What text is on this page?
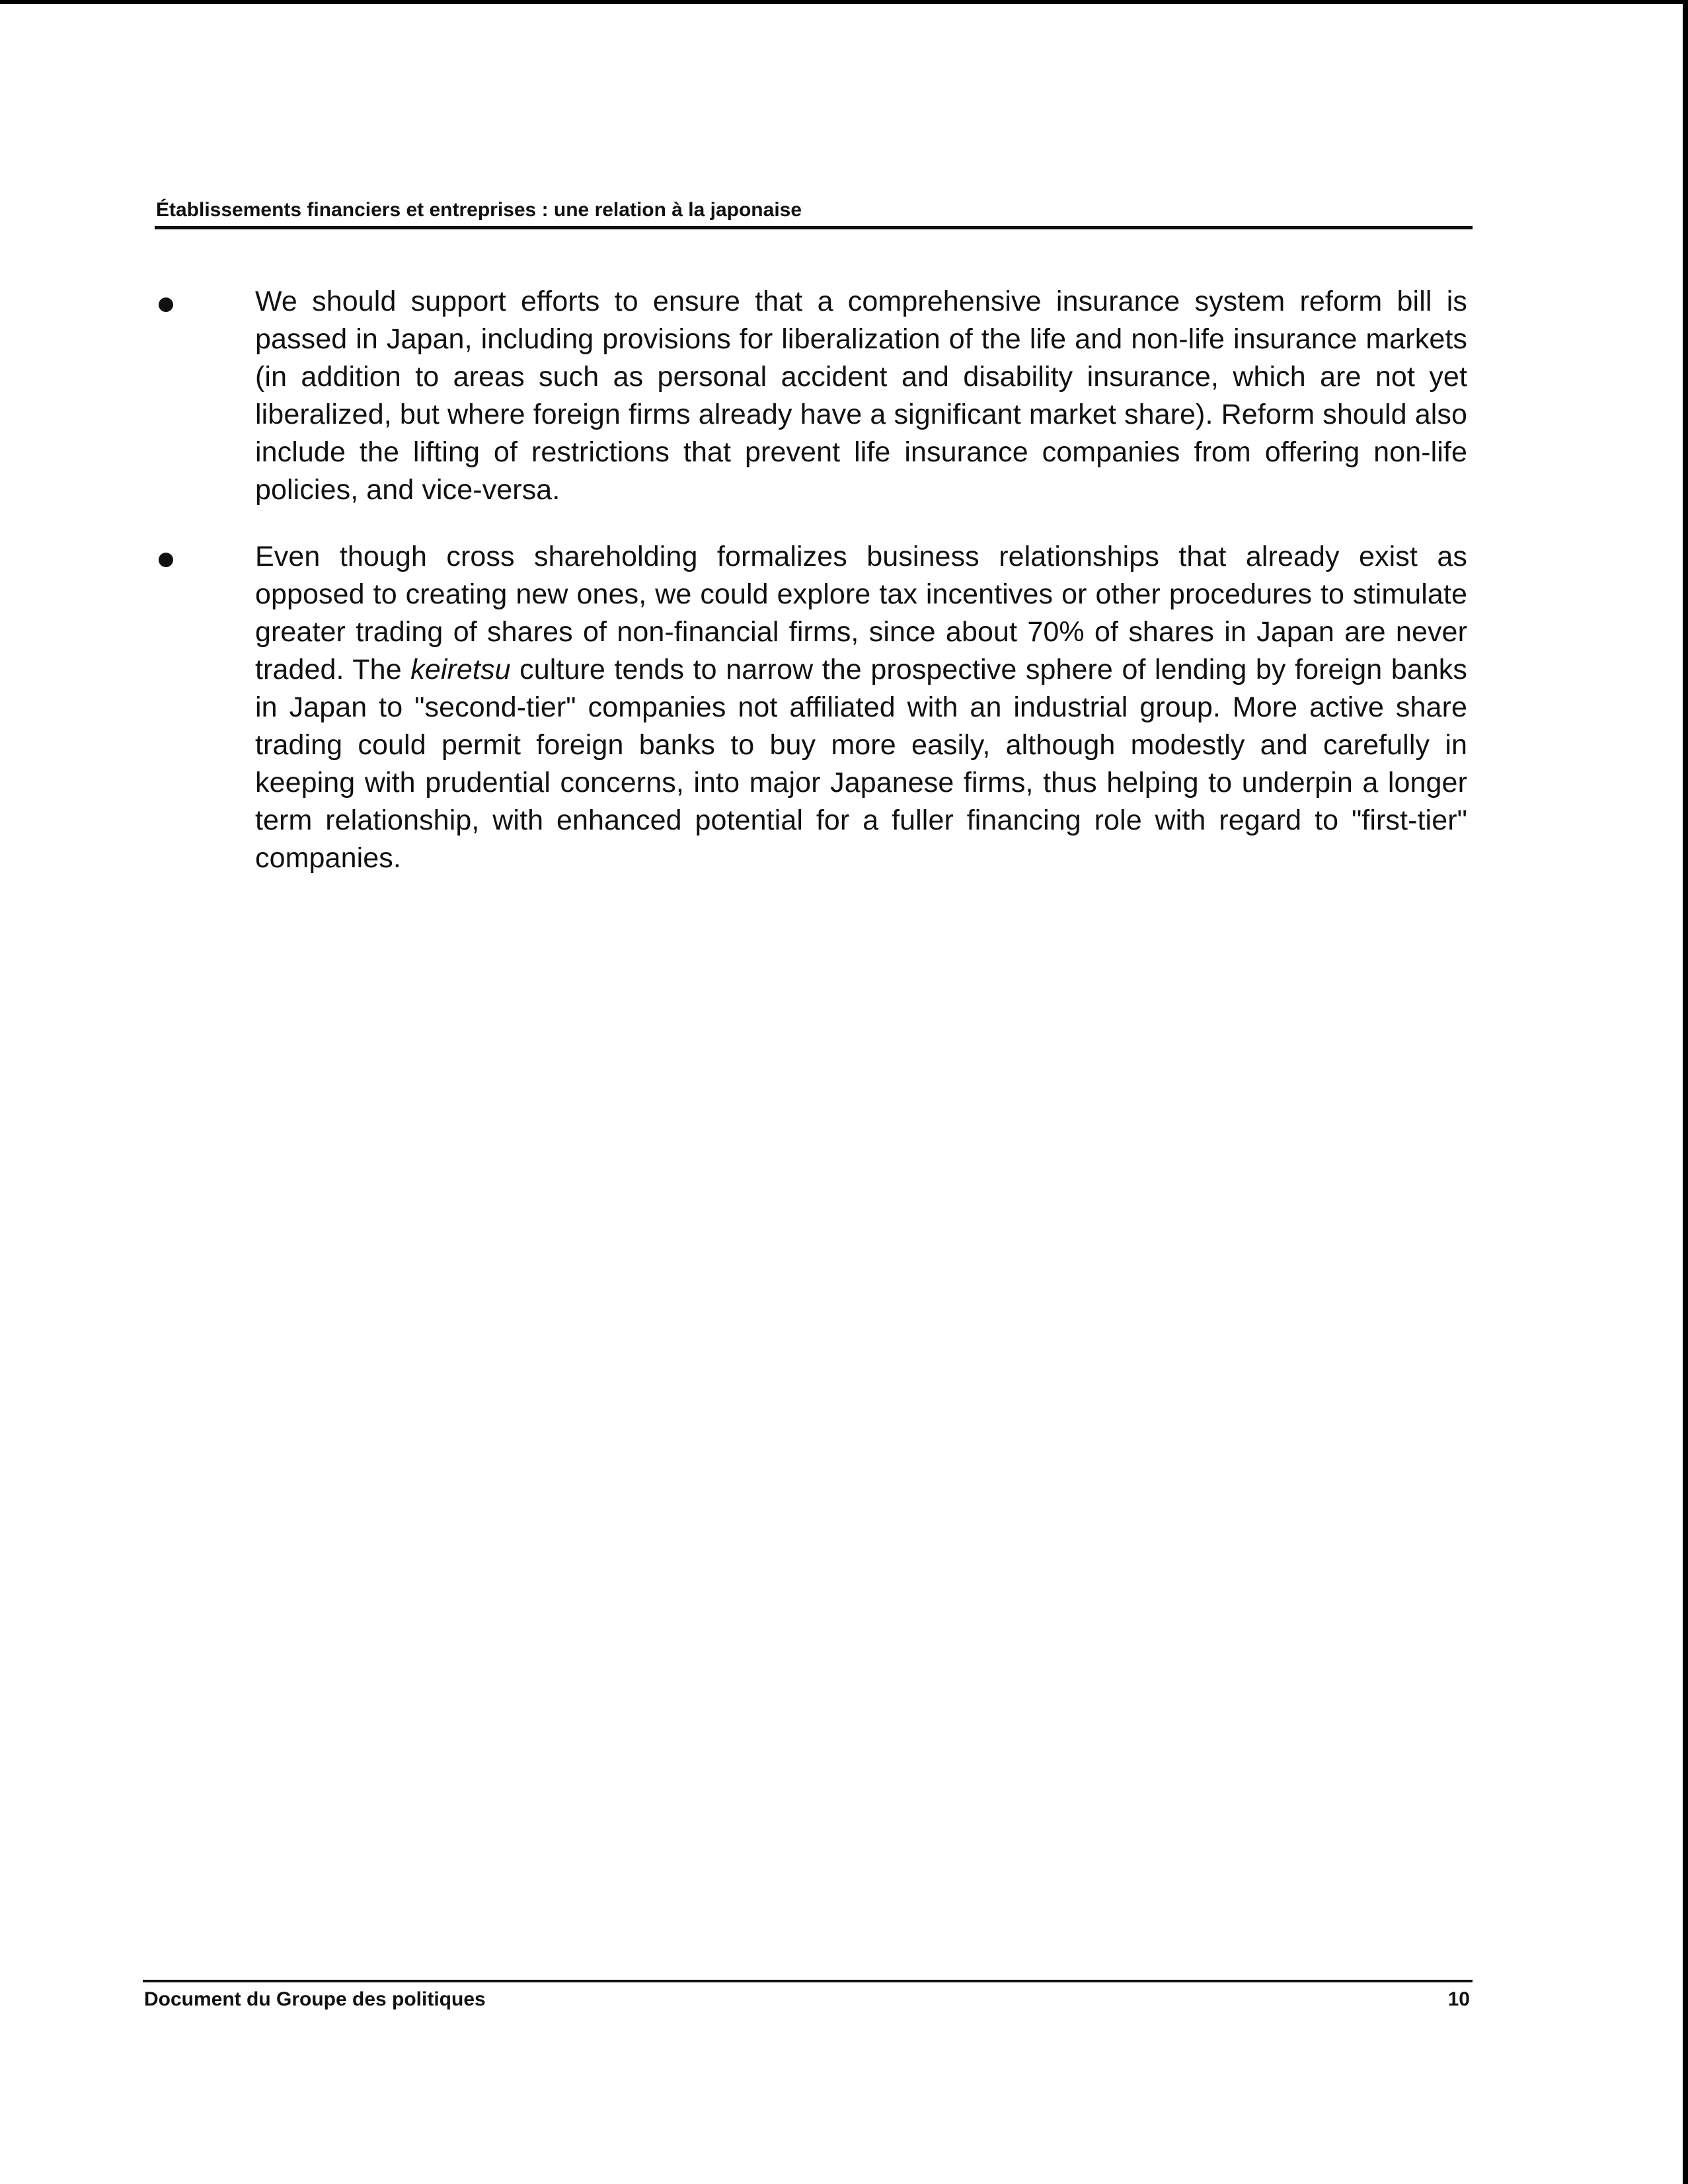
Établissements financiers et entreprises : une relation à la japonaise
We should support efforts to ensure that a comprehensive insurance system reform bill is passed in Japan, including provisions for liberalization of the life and non-life insurance markets (in addition to areas such as personal accident and disability insurance, which are not yet liberalized, but where foreign firms already have a significant market share). Reform should also include the lifting of restrictions that prevent life insurance companies from offering non-life policies, and vice-versa.
Even though cross shareholding formalizes business relationships that already exist as opposed to creating new ones, we could explore tax incentives or other procedures to stimulate greater trading of shares of non-financial firms, since about 70% of shares in Japan are never traded. The keiretsu culture tends to narrow the prospective sphere of lending by foreign banks in Japan to "second-tier" companies not affiliated with an industrial group. More active share trading could permit foreign banks to buy more easily, although modestly and carefully in keeping with prudential concerns, into major Japanese firms, thus helping to underpin a longer term relationship, with enhanced potential for a fuller financing role with regard to "first-tier" companies.
Document du Groupe des politiques	10
